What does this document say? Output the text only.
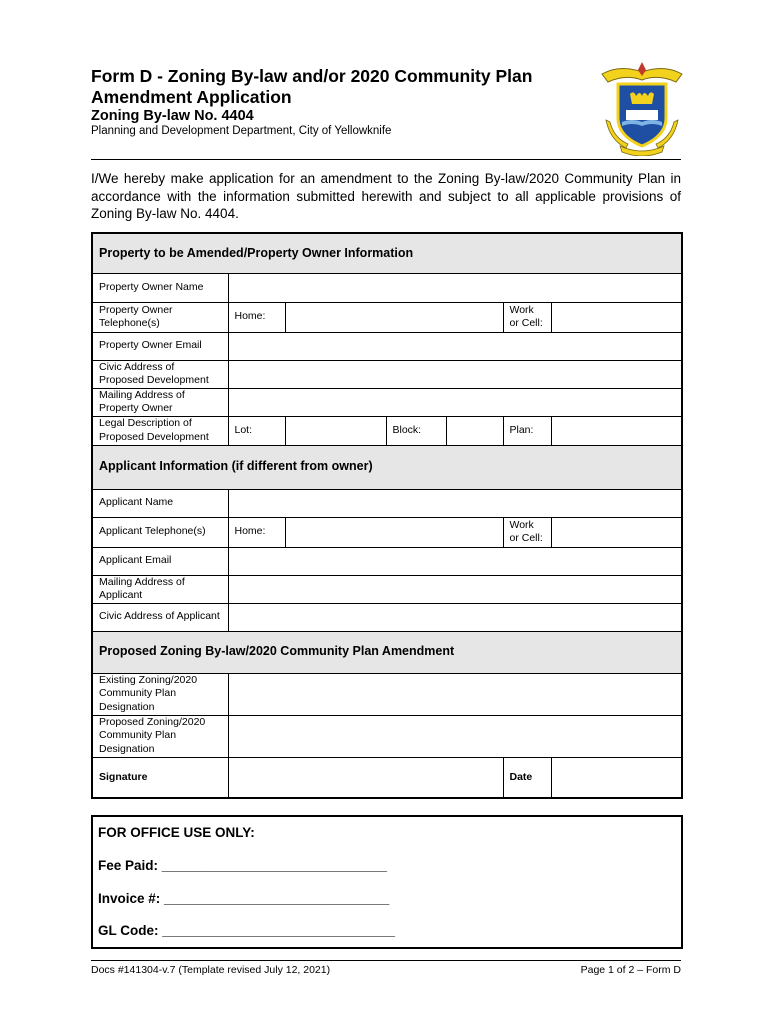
Form D - Zoning By-law and/or 2020 Community Plan Amendment Application
Zoning By-law No. 4404
Planning and Development Department, City of Yellowknife
I/We hereby make application for an amendment to the Zoning By-law/2020 Community Plan in accordance with the information submitted herewith and subject to all applicable provisions of Zoning By-law No. 4404.
Property to be Amended/Property Owner Information						
Property Owner Name						
Property Owner Telephone(s)	Home:				Work or Cell:	
Property Owner Email						
Civic Address of Proposed Development						
Mailing Address of Property Owner						
Legal Description of Proposed Development	Lot:		Block:		Plan:	
Applicant Information (if different from owner)						
Applicant Name						
Applicant Telephone(s)	Home:				Work or Cell:	
Applicant Email						
Mailing Address of Applicant						
Civic Address of Applicant						
Proposed Zoning By-law/2020 Community Plan Amendment						
Existing Zoning/2020 Community Plan Designation						
Proposed Zoning/2020 Community Plan Designation						
Signature					Date	
FOR OFFICE USE ONLY:
Fee Paid: ______________________________
Invoice #: ______________________________
GL Code: _______________________________
Docs #141304-v.7 (Template revised July 12, 2021)	Page 1 of 2 – Form D
